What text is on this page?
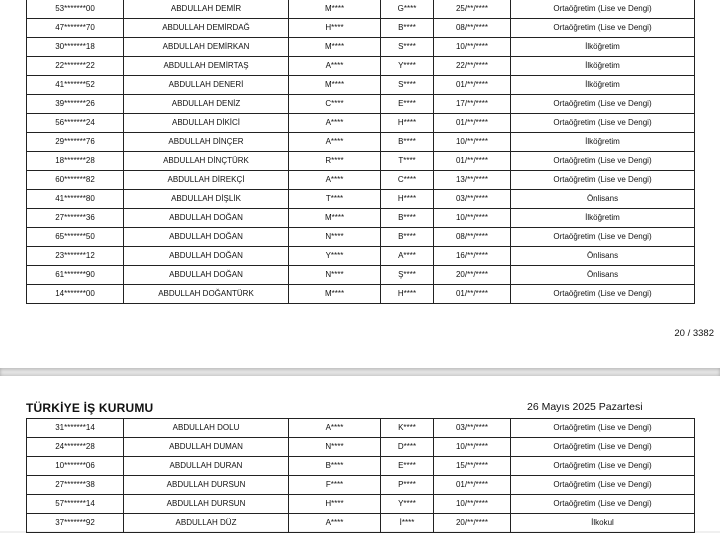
53*******00	ABDULLAH DEMİR	M****	G****	25/**/****	Ortaöğretim (Lise ve Dengi)
47*******70	ABDULLAH DEMİRDAĞ	H****	B****	08/**/****	Ortaöğretim (Lise ve Dengi)
30*******18	ABDULLAH DEMİRKAN	M****	S****	10/**/****	İlköğretim
22*******22	ABDULLAH DEMİRTAŞ	A****	Y****	22/**/****	İlköğretim
41*******52	ABDULLAH DENERİ	M****	S****	01/**/****	İlköğretim
39*******26	ABDULLAH DENİZ	C****	E****	17/**/****	Ortaöğretim (Lise ve Dengi)
56*******24	ABDULLAH DİKİCİ	A****	H****	01/**/****	Ortaöğretim (Lise ve Dengi)
29*******76	ABDULLAH DİNÇER	A****	B****	10/**/****	İlköğretim
18*******28	ABDULLAH DİNÇTÜRK	R****	T****	01/**/****	Ortaöğretim (Lise ve Dengi)
60*******82	ABDULLAH DİREKÇİ	A****	C****	13/**/****	Ortaöğretim (Lise ve Dengi)
41*******80	ABDULLAH DİŞLİK	T****	H****	03/**/****	Önlisans
27*******36	ABDULLAH DOĞAN	M****	B****	10/**/****	İlköğretim
65*******50	ABDULLAH DOĞAN	N****	B****	08/**/****	Ortaöğretim (Lise ve Dengi)
23*******12	ABDULLAH DOĞAN	Y****	A****	16/**/****	Önlisans
61*******90	ABDULLAH DOĞAN	N****	Ş****	20/**/****	Önlisans
14*******00	ABDULLAH DOĞANTÜRK	M****	H****	01/**/****	Ortaöğretim (Lise ve Dengi)
20 / 3382
TÜRKİYE İŞ KURUMU	26 Mayıs 2025 Pazartesi
31*******14	ABDULLAH DOLU	A****	K****	03/**/****	Ortaöğretim (Lise ve Dengi)
24*******28	ABDULLAH DUMAN	N****	D****	10/**/****	Ortaöğretim (Lise ve Dengi)
10*******06	ABDULLAH DURAN	B****	E****	15/**/****	Ortaöğretim (Lise ve Dengi)
27*******38	ABDULLAH DURSUN	F****	P****	01/**/****	Ortaöğretim (Lise ve Dengi)
57*******14	ABDULLAH DURSUN	H****	Y****	10/**/****	Ortaöğretim (Lise ve Dengi)
37*******92	ABDULLAH DÜZ	A****	İ****	20/**/****	İlkokul
